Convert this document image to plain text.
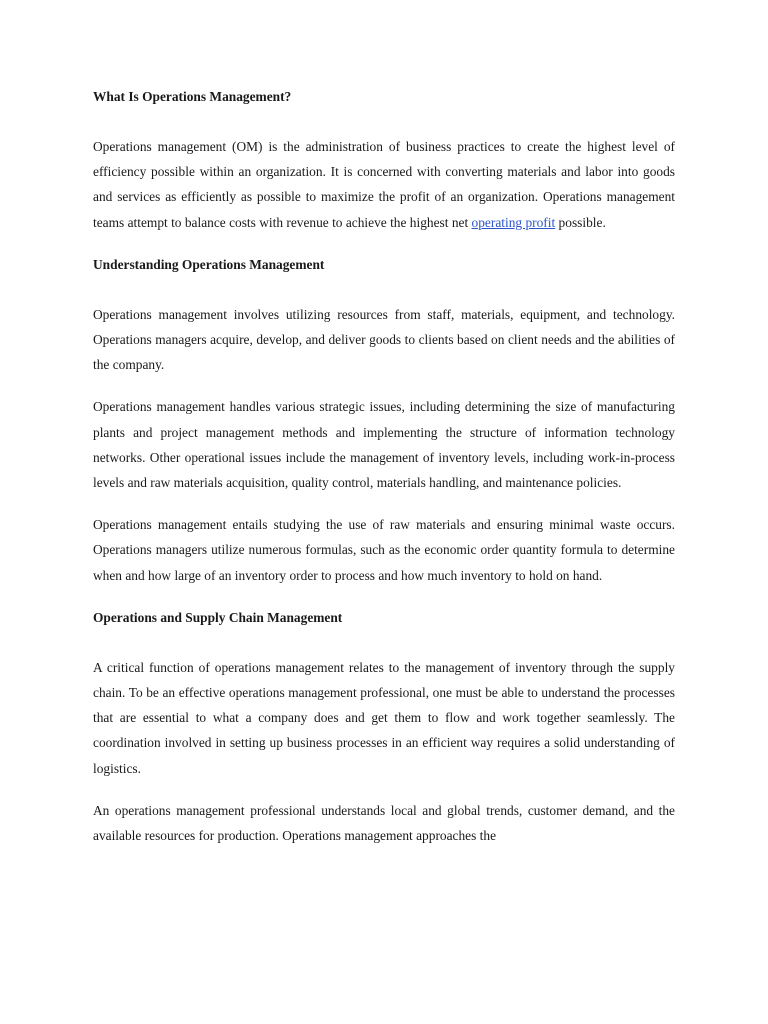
What Is Operations Management?

Operations management (OM) is the administration of business practices to create the highest level of efficiency possible within an organization. It is concerned with converting materials and labor into goods and services as efficiently as possible to maximize the profit of an organization. Operations management teams attempt to balance costs with revenue to achieve the highest net operating profit possible.

Understanding Operations Management

Operations management involves utilizing resources from staff, materials, equipment, and technology. Operations managers acquire, develop, and deliver goods to clients based on client needs and the abilities of the company.

Operations management handles various strategic issues, including determining the size of manufacturing plants and project management methods and implementing the structure of information technology networks. Other operational issues include the management of inventory levels, including work-in-process levels and raw materials acquisition, quality control, materials handling, and maintenance policies.

Operations management entails studying the use of raw materials and ensuring minimal waste occurs. Operations managers utilize numerous formulas, such as the economic order quantity formula to determine when and how large of an inventory order to process and how much inventory to hold on hand.

Operations and Supply Chain Management

A critical function of operations management relates to the management of inventory through the supply chain. To be an effective operations management professional, one must be able to understand the processes that are essential to what a company does and get them to flow and work together seamlessly. The coordination involved in setting up business processes in an efficient way requires a solid understanding of logistics.

An operations management professional understands local and global trends, customer demand, and the available resources for production. Operations management approaches the
